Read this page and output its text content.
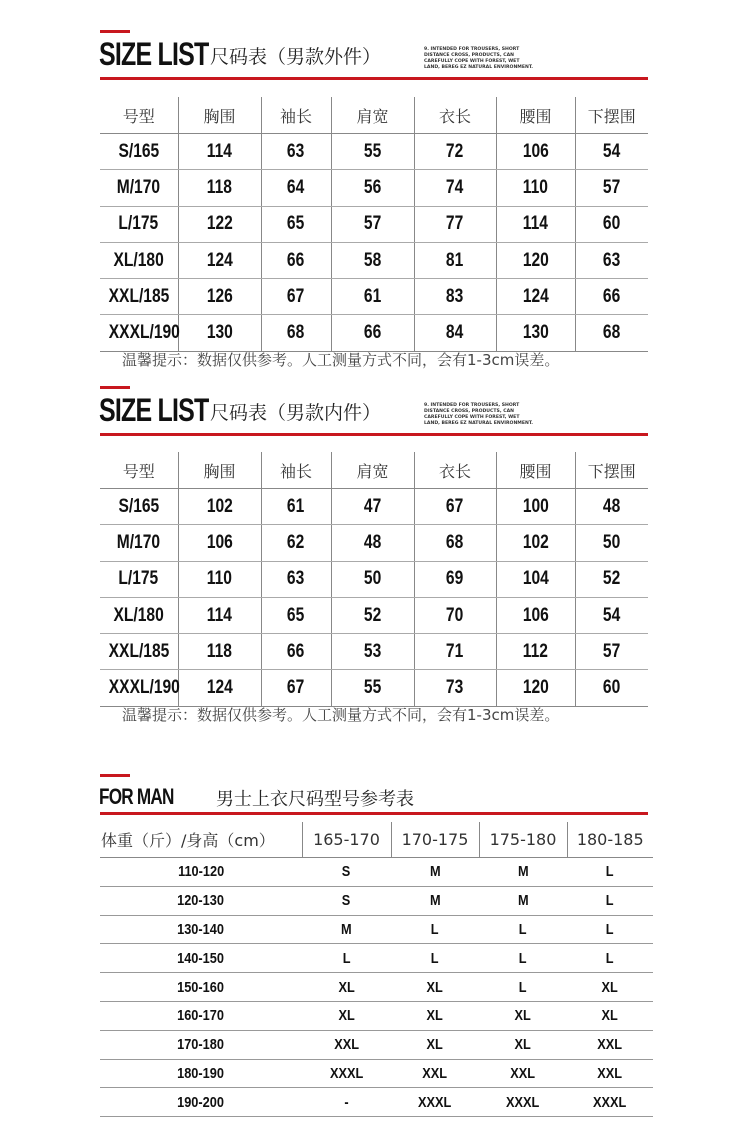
SIZE LIST 尺码表（男款外件）	9. INTENDED FOR TROUSERS, SHORT DISTANCE CROSS, PRODUCTS, CAN CAREFULLY COPE WITH FOREST, WET LAND, BEREG EZ NATURAL ENVIRONMENT.
号型	胸围	袖长	肩宽	衣长	腰围	下摆围
S/165	114	63	55	72	106	54
M/170	118	64	56	74	110	57
L/175	122	65	57	77	114	60
XL/180	124	66	58	81	120	63
XXL/185	126	67	61	83	124	66
XXXL/190	130	68	66	84	130	68
温馨提示：数据仅供参考。人工测量方式不同，会有1-3cm误差。
SIZE LIST 尺码表（男款内件）	9. INTENDED FOR TROUSERS, SHORT DISTANCE CROSS, PRODUCTS, CAN CAREFULLY COPE WITH FOREST, WET LAND, BEREG EZ NATURAL ENVIRONMENT.
号型	胸围	袖长	肩宽	衣长	腰围	下摆围
S/165	102	61	47	67	100	48
M/170	106	62	48	68	102	50
L/175	110	63	50	69	104	52
XL/180	114	65	52	70	106	54
XXL/185	118	66	53	71	112	57
XXXL/190	124	67	55	73	120	60
温馨提示：数据仅供参考。人工测量方式不同，会有1-3cm误差。
FOR MAN 男士上衣尺码型号参考表
体重（斤）/身高（cm）	165-170	170-175	175-180	180-185
110-120	S	M	M	L
120-130	S	M	M	L
130-140	M	L	L	L
140-150	L	L	L	L
150-160	XL	XL	L	XL
160-170	XL	XL	XL	XL
170-180	XXL	XL	XL	XXL
180-190	XXXL	XXL	XXL	XXL
190-200	-	XXXL	XXXL	XXXL
